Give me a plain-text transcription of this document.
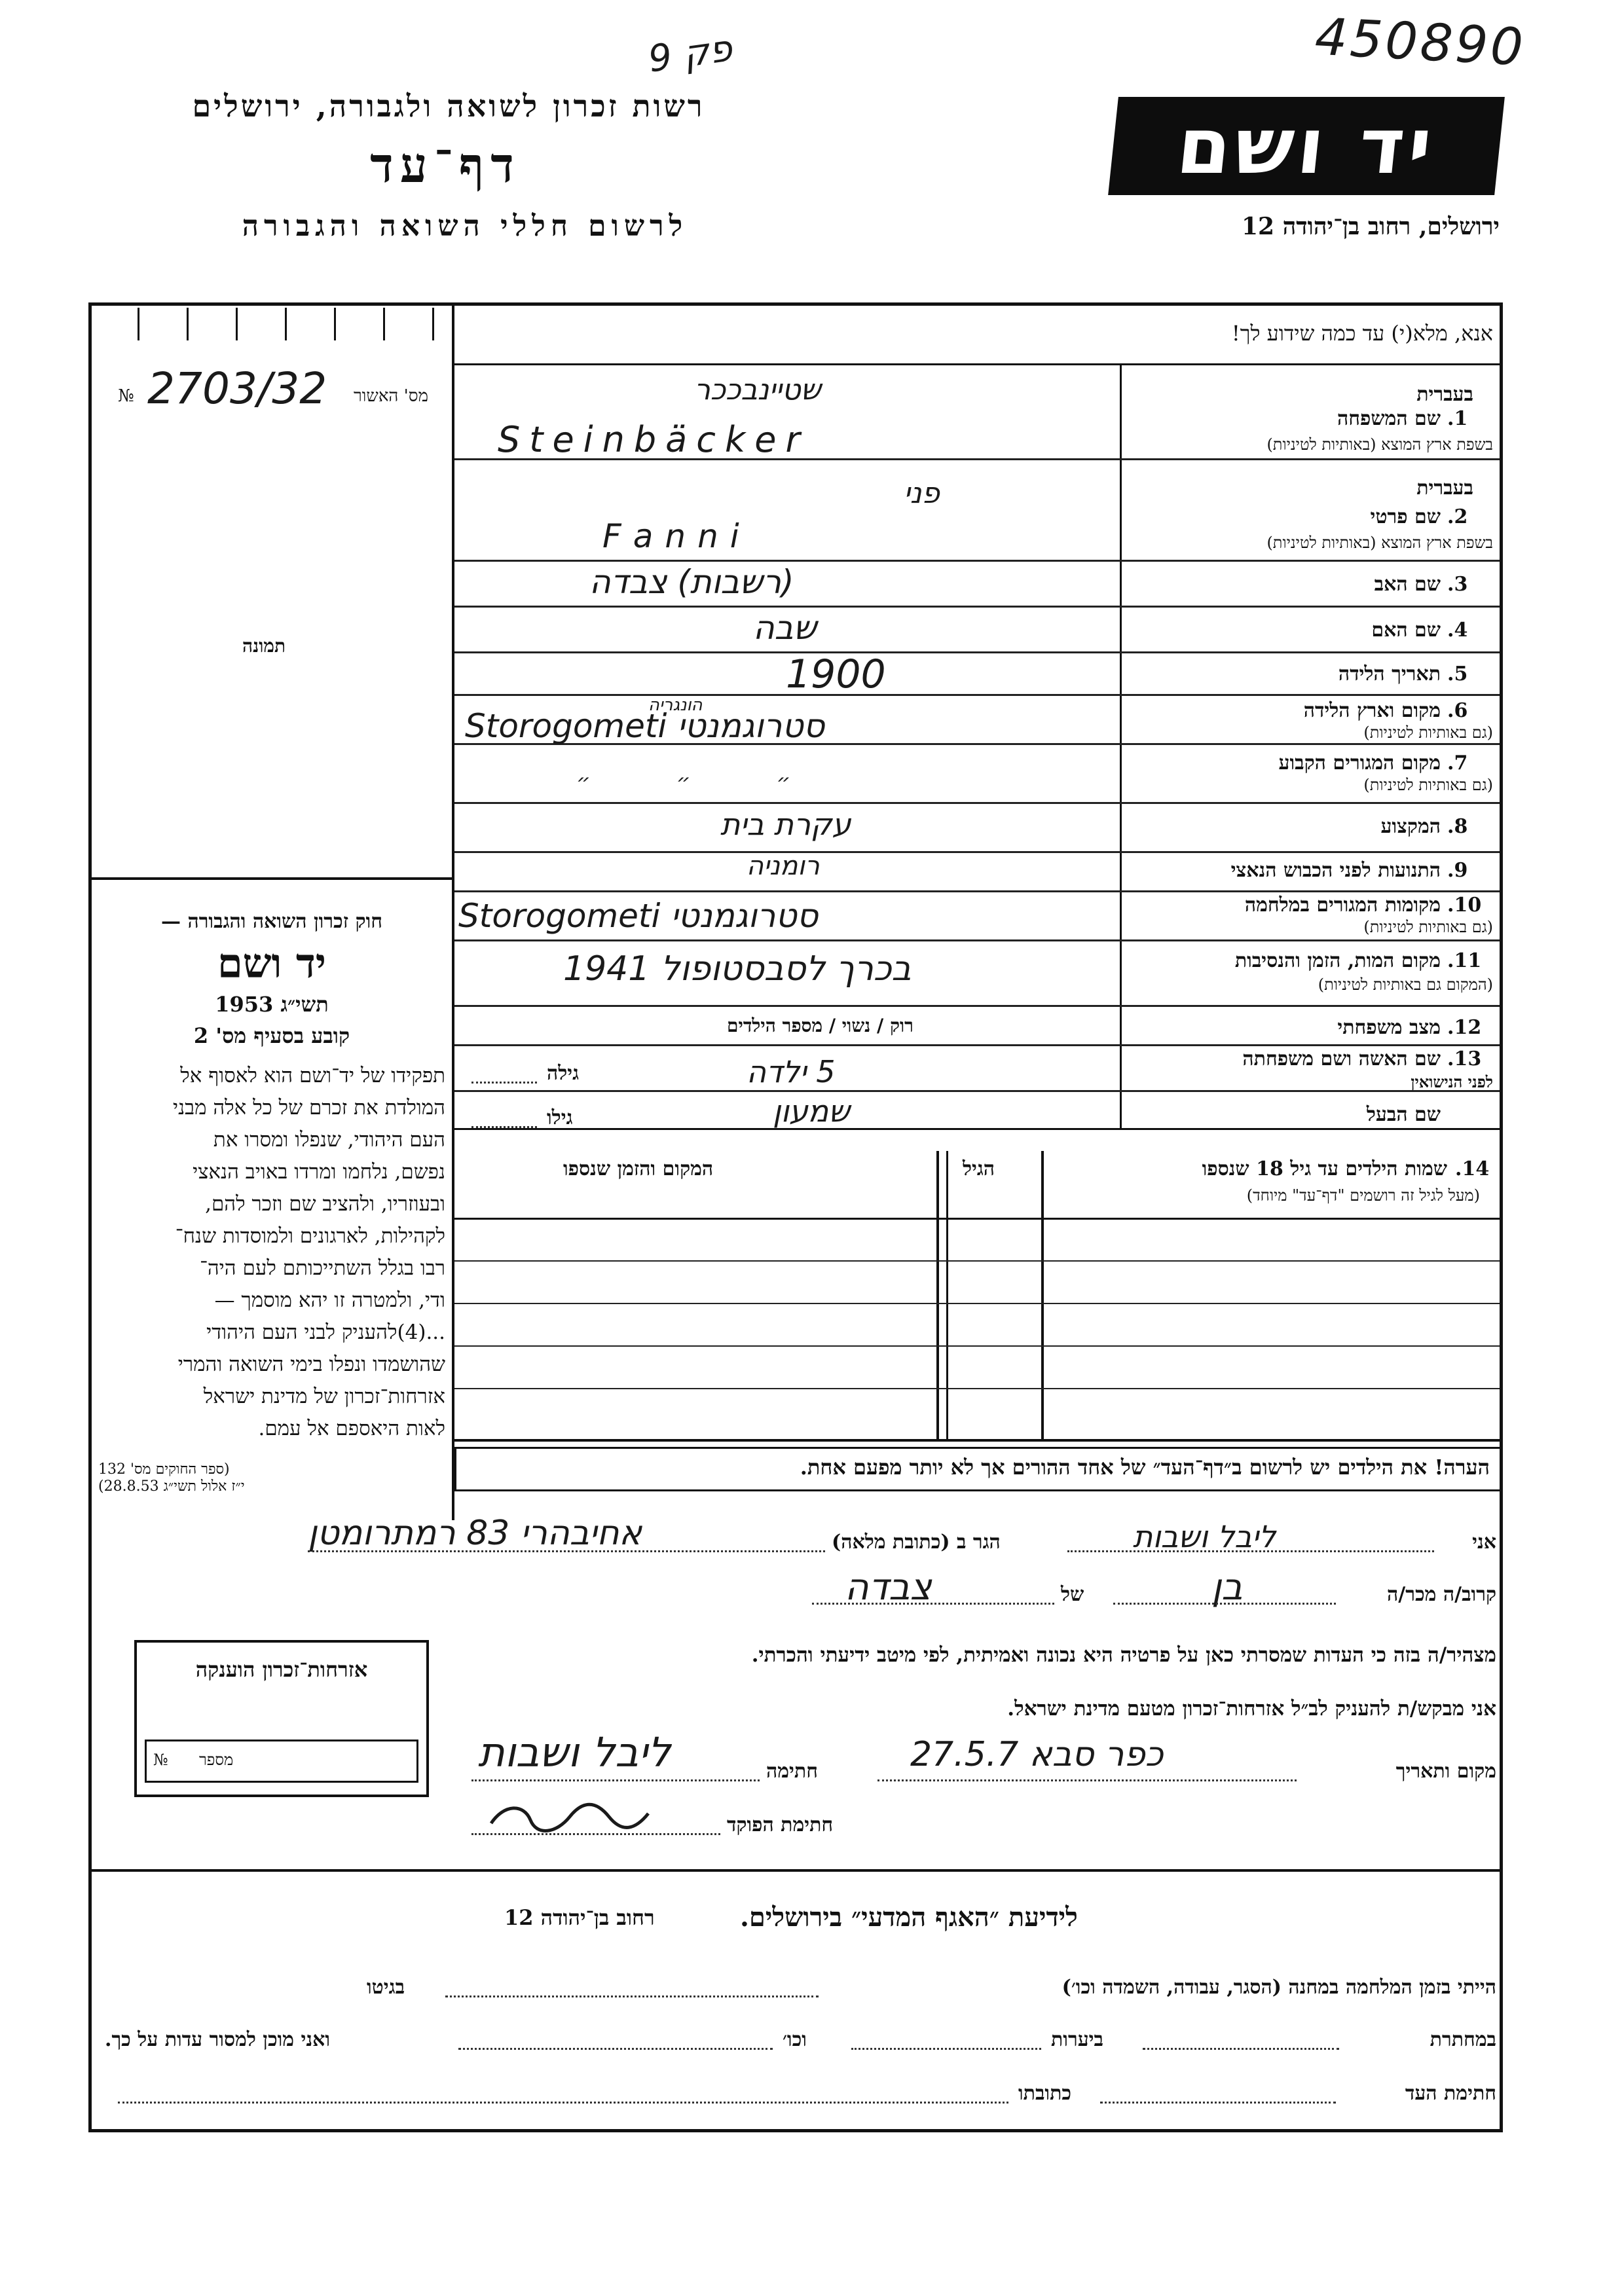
450890
פק 9
רשות זכרון לשואה ולגבורה, ירושלים
דף־עד
לרשום חללי השואה והגבורה
יד ושם
ירושלים, רחוב בן־יהודה 12
מס' האשור
№ 2703/32
תמונה
חוק זכרון השואה והגבורה —
יד ושם
תשי״ג 1953
קובע בסעיף מס' 2
תפקידו של יד־ושם הוא לאסוף אל
המולדת את זכרם של כל אלה מבני
העם היהודי, שנפלו ומסרו את
נפשם, נלחמו ומרדו באויב הנאצי
ובעוזריו, ולהציב שם וזכר להם,
לקהילות, לארגונים ולמוסדות שנח־
רבו בגלל השתייכותם לעם היה־
ודי, ולמטרה זו יהא מוסמך —
...(4)להעניק לבני העם היהודי
שהושמדו ונפלו בימי השואה והמרי
אזרחות־זכרון של מדינת ישראל
לאות היאספם אל עמם.
(ספר החוקים מס' 132
י״ז אלול תשי״ג 28.8.53)
אנא, מלא(י) עד כמה שידוע לך!
בעברית
1.
שם המשפחה
בשפת ארץ המוצא (באותיות לטיניות)
שטיינבככר
Steinbäcker
בעברית
2.
שם פרטי
בשפת ארץ המוצא (באותיות לטיניות)
פני
Fanni
3.
שם האב
(רשבות) צבדה
4.
שם האם
שבה
5.
תאריך הלידה
1900
6.
מקום וארץ הלידה
(גם באותיות לטיניות)
הונגריה
Storogometi סטרוגמנטי
7.
מקום המגורים הקבוע
(גם באותיות לטיניות)
״ ״ ״
8.
המקצוע
עקרת בית
9.
התנועות לפני הכבוש הנאצי
רומניה
10.
מקומות המגורים במלחמה
(גם באותיות לטיניות)
Storogometi סטרוגמנטי
11.
מקום המות, הזמן והנסיבות
(המקום גם באותיות לטיניות)
בכרך לסבסטופול 1941
12.
מצב משפחתי
רוק / נשוי / מספר הילדים
13.
שם האשה ושם משפחתה
לפני הנישואין
גילה	5 ילדה
שם הבעל
גילו	שמעון
14.
שמות הילדים עד גיל 18 שנספו
(מעל לגיל זה רושמים "דף־עד" מיוחד)
הגיל
המקום והזמן שנספו
הערה! את הילדים יש לרשום ב״דף־העד״ של אחד ההורים אך לא יותר מפעם אחת.
אני
ליבל ושבות
הגר ב (כתובת מלאה)
אחיבהרי 83 רמתרומטן
קרוב/ה מכר/ה
בן
של
צבדה
מצהיר/ה בזה כי העדות שמסרתי כאן על פרטיה היא נכונה ואמיתית, לפי מיטב ידיעתי והכרתי.
אני מבקש/ת להעניק לב״ל אזרחות־זכרון מטעם מדינת ישראל.
מקום ותאריך
כפר סבא 27.5.7
חתימה
ליבל ושבות
חתימת הפוקד
אזרחות־זכרון הוענקה
№ מספר
לידיעת ״האגף המדעי״ בירושלים.
רחוב בן־יהודה 12
הייתי בזמן המלחמה במחנה (הסגר, עבודה, השמדה וכו׳)
בגיטו
במחתרת
ביערות
וכו׳
ואני מוכן למסור עדות על כך.
חתימת העד
כתובתו
